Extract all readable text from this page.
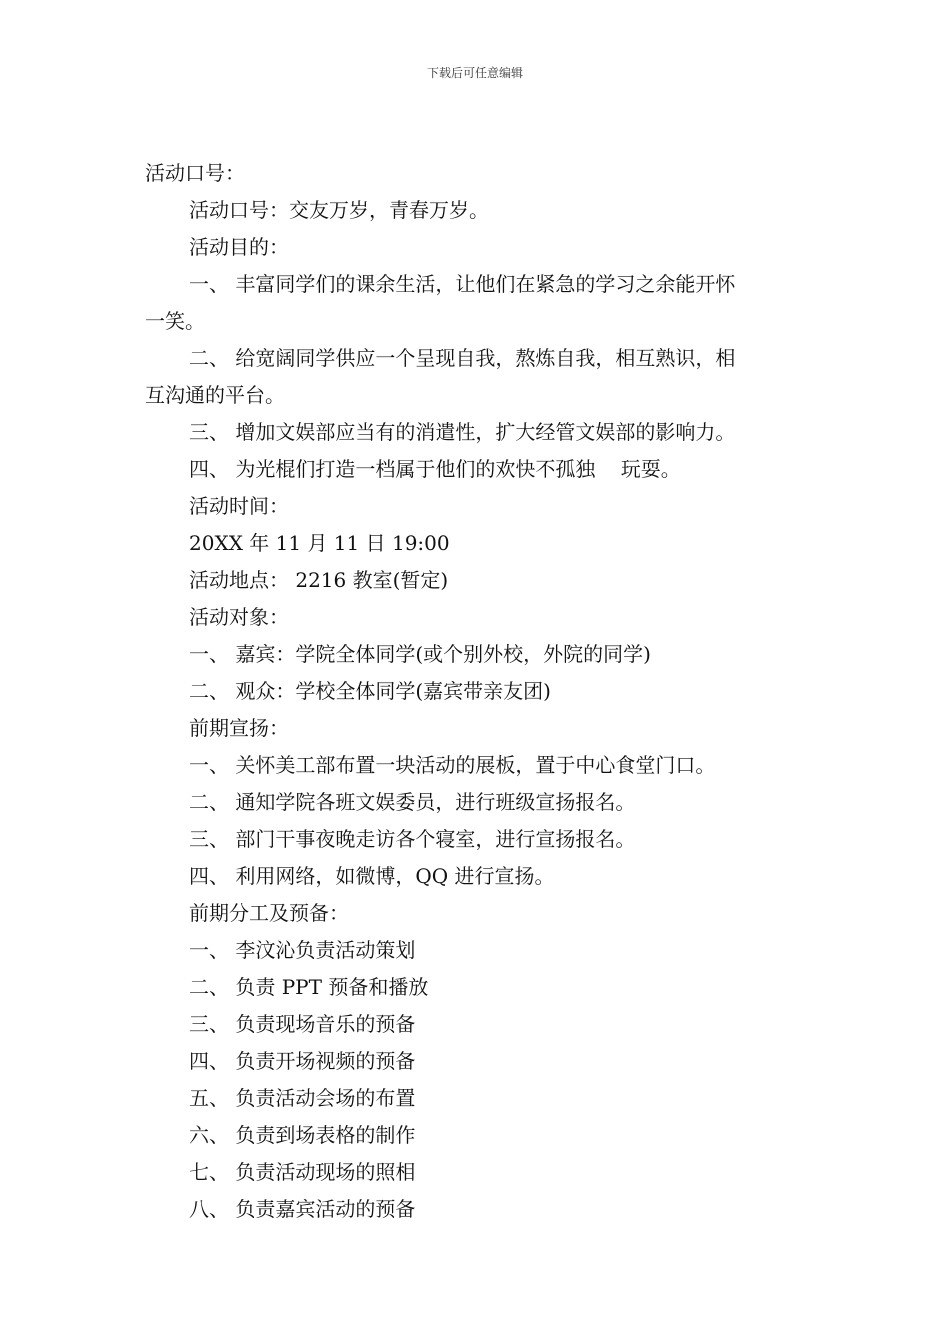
下载后可任意编辑

活动口号：

活动口号：交友万岁，青春万岁。

活动目的：

一、 丰富同学们的课余生活，让他们在紧急的学习之余能开怀

一笑。

二、 给宽阔同学供应一个呈现自我，熬炼自我，相互熟识，相

互沟通的平台。

三、 增加文娱部应当有的消遣性，扩大经管文娱部的影响力。

四、 为光棍们打造一档属于他们的欢快不孤独    玩耍。

活动时间：

20XX 年 11 月 11 日 19:00

活动地点： 2216 教室(暂定)

活动对象：

一、 嘉宾：学院全体同学(或个别外校，外院的同学)

二、 观众：学校全体同学(嘉宾带亲友团)

前期宣扬：

一、 关怀美工部布置一块活动的展板，置于中心食堂门口。

二、 通知学院各班文娱委员，进行班级宣扬报名。

三、 部门干事夜晚走访各个寝室，进行宣扬报名。

四、 利用网络，如微博，QQ 进行宣扬。

前期分工及预备：

一、 李汶沁负责活动策划

二、 负责 PPT 预备和播放

三、 负责现场音乐的预备

四、 负责开场视频的预备

五、 负责活动会场的布置

六、 负责到场表格的制作

七、 负责活动现场的照相

八、 负责嘉宾活动的预备
